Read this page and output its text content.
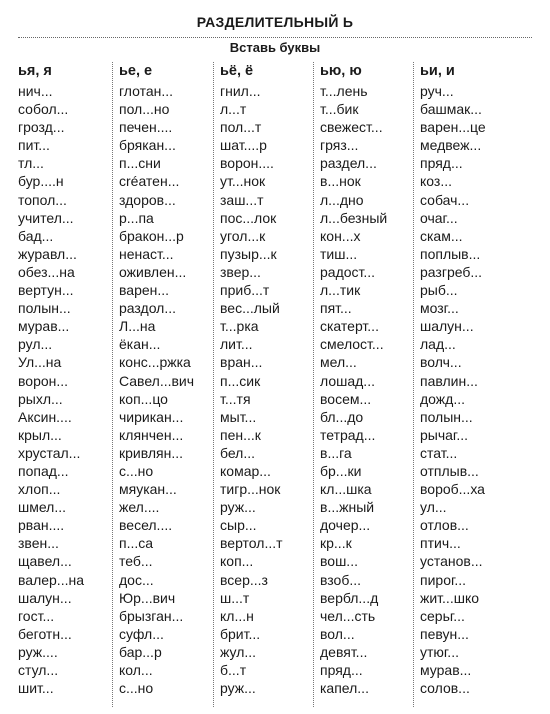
РАЗДЕЛИТЕЛЬНЫЙ Ь
Вставь буквы
ья, я
нич...
собол...
грозд...
пит...
тл...
бур....н
топол...
учител...
бад...
журавл...
обез...на
вертун...
полын...
мурав...
рул...
Ул...на
ворон...
рыхл...
Аксин....
крыл...
хрустал...
попад...
хлоп...
шмел...
рван....
звен...
щавел...
валер...на
шалун...
гост...
беготн...
руж....
стул...
шит...
ье, е
глотан...
пол...но
печен....
брякан...
п...сни
créатен...
здоров...
р...па
бракон...р
ненаст...
оживлен...
варен...
раздол...
Л...на
ёкан...
конс...ржка
Савел...вич
коп...цо
чирикан...
клянчен...
кривлян...
с...но
мяукан...
жел....
весел....
п...са
теб...
дос...
Юр...вич
брызган...
суфл...
бар...р
кол...
с...но
ьё, ё
гнил...
л...т
пол...т
шат....р
ворон....
ут...нок
заш...т
пос...лок
угол...к
пузыр...к
звер...
приб...т
вес...лый
т...рка
лит...
вран...
п...сик
т...тя
мыт...
пен...к
бел...
комар...
тигр...нок
руж...
сыр...
вертол...т
коп...
всер...з
ш...т
кл...н
брит...
жул...
б...т
руж...
ью, ю
т...лень
т...бик
свежест...
гряз...
раздел...
в...нок
л...дно
л...безный
кон...х
тиш...
радост...
л...тик
пят...
скатерт...
смелост...
мел...
лошад...
восем...
бл...до
тетрад...
в...га
бр...ки
кл...шка
в...жный
дочер...
кр...к
вош...
взоб...
вербл...д
чел...сть
вол...
девят...
пряд...
капел...
ьи, и
руч...
башмак...
варен...це
медвеж...
пряд...
коз...
собач...
очаг...
скам...
поплыв...
разгреб...
рыб...
мозг...
шалун...
лад...
волч...
павлин...
дожд...
полын...
рычаг...
стат...
отплыв...
вороб...ха
ул...
отлов...
птич...
установ...
пирог...
жит...шко
серьг...
певун...
утюг...
мурав...
солов...
